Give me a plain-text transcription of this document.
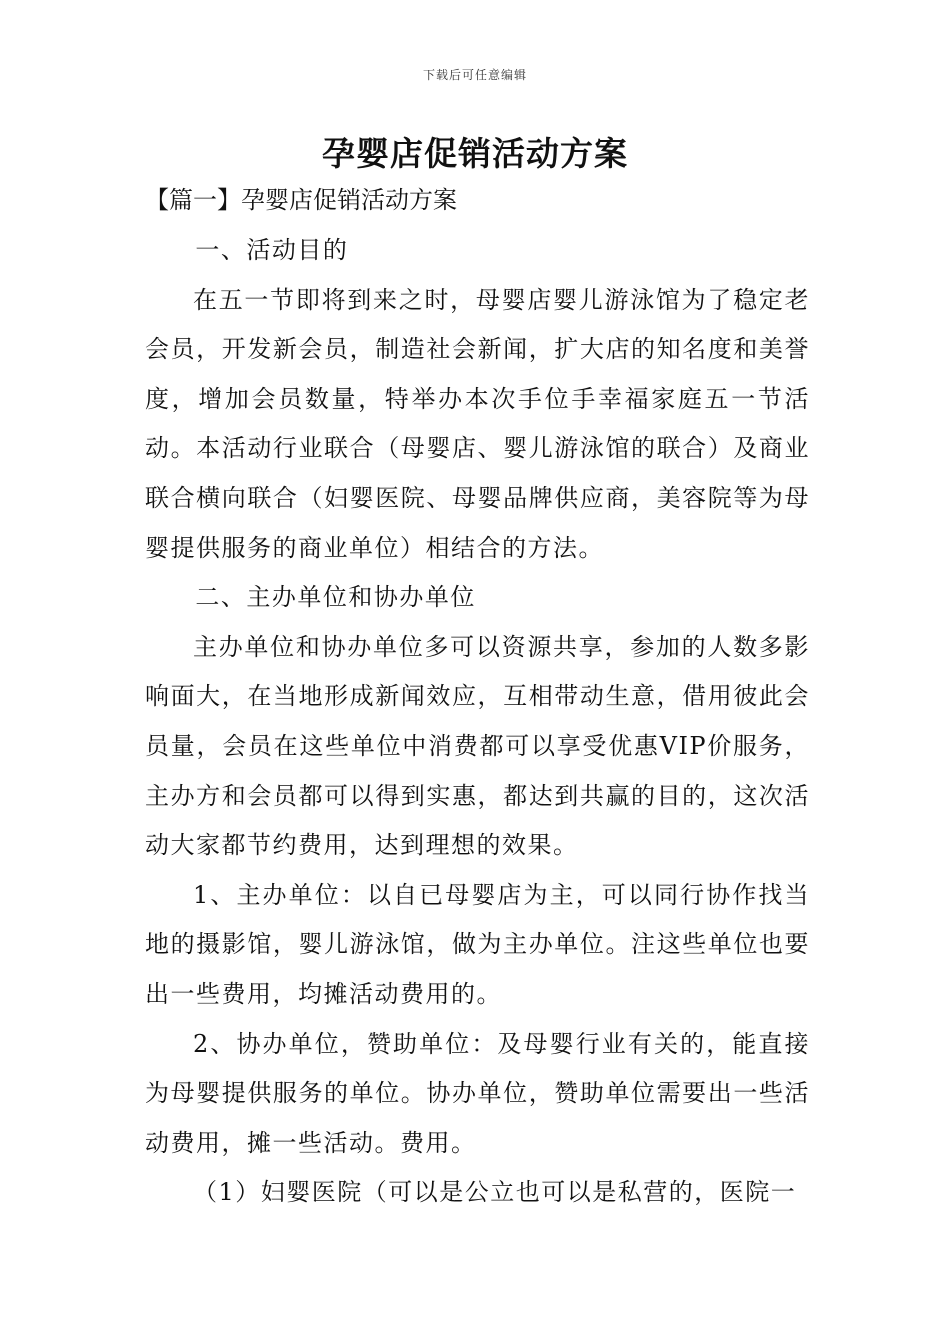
下载后可任意编辑
孕婴店促销活动方案
【篇一】孕婴店促销活动方案

一、活动目的

在五一节即将到来之时，母婴店婴儿游泳馆为了稳定老会员，开发新会员，制造社会新闻，扩大店的知名度和美誉度，增加会员数量，特举办本次手位手幸福家庭五一节活动。本活动行业联合（母婴店、婴儿游泳馆的联合）及商业联合横向联合（妇婴医院、母婴品牌供应商，美容院等为母婴提供服务的商业单位）相结合的方法。

二、主办单位和协办单位

主办单位和协办单位多可以资源共享，参加的人数多影响面大，在当地形成新闻效应，互相带动生意，借用彼此会员量，会员在这些单位中消费都可以享受优惠VIP价服务，主办方和会员都可以得到实惠，都达到共赢的目的，这次活动大家都节约费用，达到理想的效果。

1、主办单位：以自已母婴店为主，可以同行协作找当地的摄影馆，婴儿游泳馆，做为主办单位。注这些单位也要出一些费用，均摊活动费用的。

2、协办单位，赞助单位：及母婴行业有关的，能直接为母婴提供服务的单位。协办单位，赞助单位需要出一些活动费用，摊一些活动。费用。

（1）妇婴医院（可以是公立也可以是私营的，医院一
